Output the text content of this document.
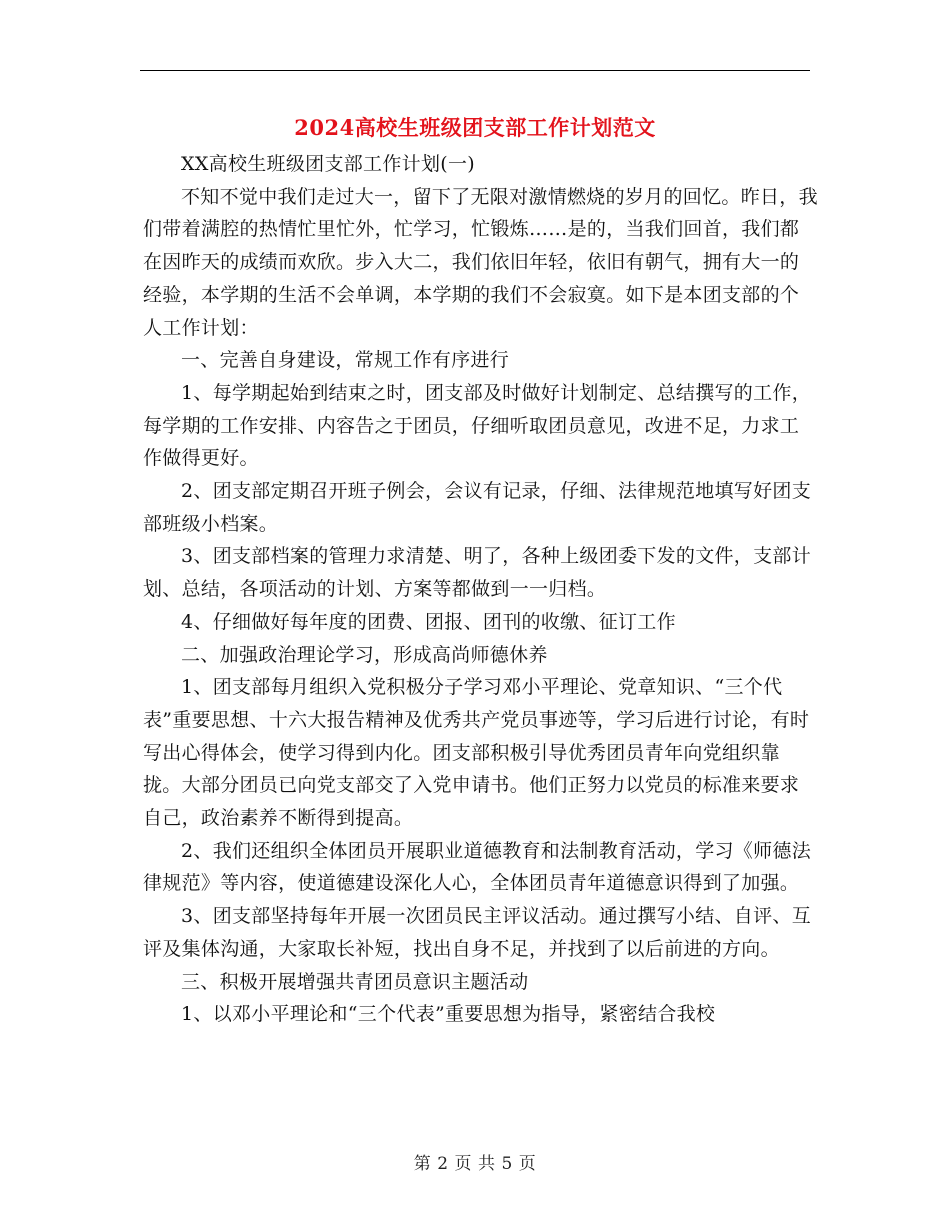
2024高校生班级团支部工作计划范文

XX高校生班级团支部工作计划(一)

不知不觉中我们走过大一，留下了无限对激情燃烧的岁月的回忆。昨日，我们带着满腔的热情忙里忙外，忙学习，忙锻炼……是的，当我们回首，我们都在因昨天的成绩而欢欣。步入大二，我们依旧年轻，依旧有朝气，拥有大一的经验，本学期的生活不会单调，本学期的我们不会寂寞。如下是本团支部的个人工作计划：

一、完善自身建设，常规工作有序进行

1、每学期起始到结束之时，团支部及时做好计划制定、总结撰写的工作，每学期的工作安排、内容告之于团员，仔细听取团员意见，改进不足，力求工作做得更好。

2、团支部定期召开班子例会，会议有记录，仔细、法律规范地填写好团支部班级小档案。

3、团支部档案的管理力求清楚、明了，各种上级团委下发的文件，支部计划、总结，各项活动的计划、方案等都做到一一归档。

4、仔细做好每年度的团费、团报、团刊的收缴、征订工作

二、加强政治理论学习，形成高尚师德休养

1、团支部每月组织入党积极分子学习邓小平理论、党章知识、“三个代表”重要思想、十六大报告精神及优秀共产党员事迹等，学习后进行讨论，有时写出心得体会，使学习得到内化。团支部积极引导优秀团员青年向党组织靠拢。大部分团员已向党支部交了入党申请书。他们正努力以党员的标准来要求自己，政治素养不断得到提高。

2、我们还组织全体团员开展职业道德教育和法制教育活动，学习《师德法律规范》等内容，使道德建设深化人心，全体团员青年道德意识得到了加强。

3、团支部坚持每年开展一次团员民主评议活动。通过撰写小结、自评、互评及集体沟通，大家取长补短，找出自身不足，并找到了以后前进的方向。

三、积极开展增强共青团员意识主题活动

1、以邓小平理论和“三个代表”重要思想为指导，紧密结合我校

第 2 页 共 5 页
